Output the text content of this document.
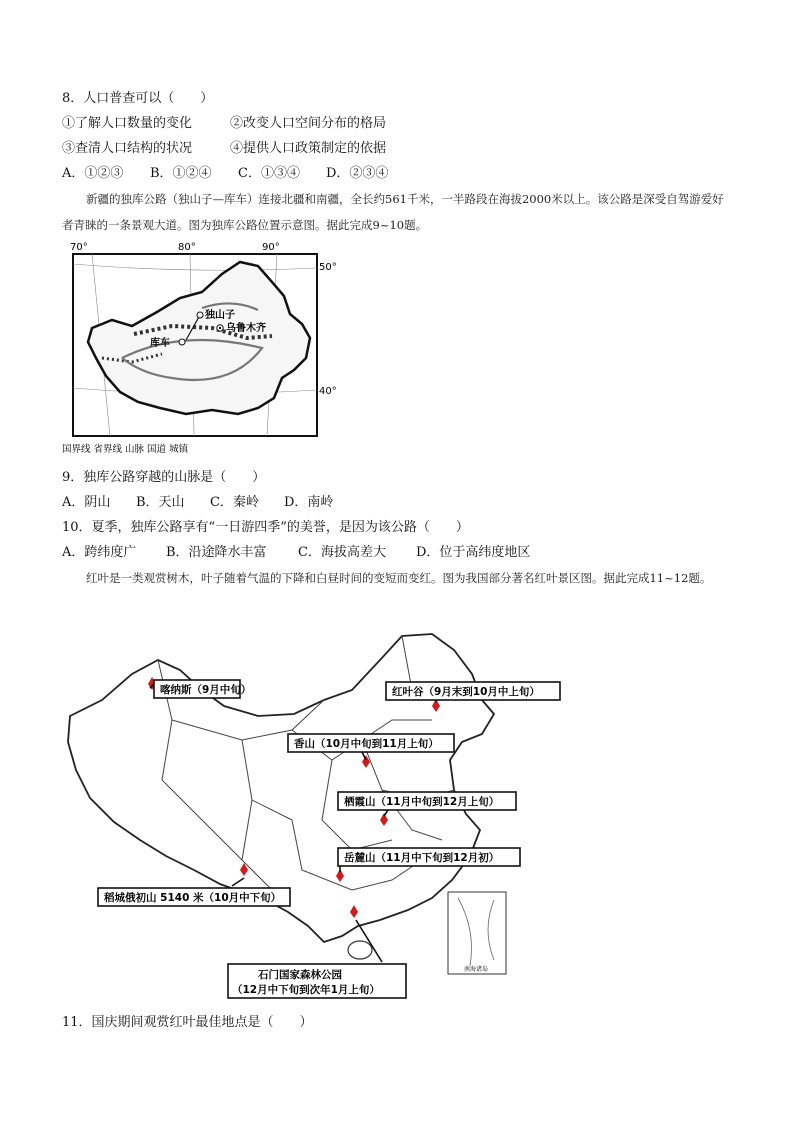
8．人口普查可以（　　）
①了解人口数量的变化	②改变人口空间分布的格局
③查清人口结构的状况	④提供人口政策制定的依据
A．①②③ B．①②④ C．①③④ D．②③④
新疆的独库公路（独山子—库车）连接北疆和南疆，全长约561千米，一半路段在海拔2000米以上。该公路是深受自驾游爱好者青睐的一条景观大道。图为独库公路位置示意图。据此完成9~10题。
70°	80°	90°
50°
40°
独山子
乌鲁木齐
库车
国界线 省界线 山脉 国道 城镇
9．独库公路穿越的山脉是（　　）
A．阴山 B．天山 C．秦岭 D．南岭
10．夏季，独库公路享有“一日游四季”的美誉，是因为该公路（　　）
A．跨纬度广 B．沿途降水丰富 C．海拔高差大 D．位于高纬度地区
红叶是一类观赏树木，叶子随着气温的下降和白昼时间的变短而变红。图为我国部分著名红叶景区图。据此完成11~12题。
南海诸岛
喀纳斯（9月中旬）	红叶谷（9月末到10月中上旬）
香山（10月中旬到11月上旬）
栖霞山（11月中旬到12月上旬）
岳麓山（11月中下旬到12月初）
稻城俄初山 5140 米（10月中下旬）
石门国家森林公园
（12月中下旬到次年1月上旬）
11．国庆期间观赏红叶最佳地点是（　　）
